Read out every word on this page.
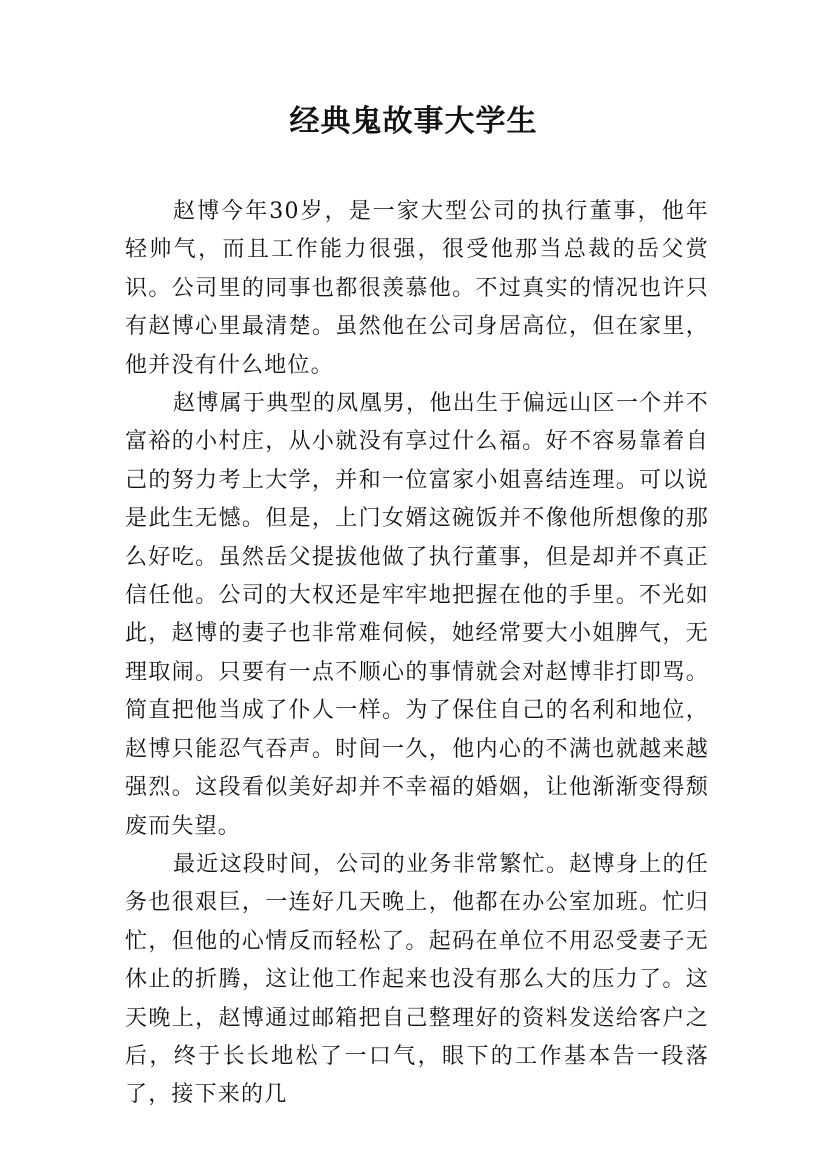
经典鬼故事大学生

赵博今年30岁，是一家大型公司的执行董事，他年轻帅气，而且工作能力很强，很受他那当总裁的岳父赏识。公司里的同事也都很羡慕他。不过真实的情况也许只有赵博心里最清楚。虽然他在公司身居高位，但在家里，他并没有什么地位。

赵博属于典型的凤凰男，他出生于偏远山区一个并不富裕的小村庄，从小就没有享过什么福。好不容易靠着自己的努力考上大学，并和一位富家小姐喜结连理。可以说是此生无憾。但是，上门女婿这碗饭并不像他所想像的那么好吃。虽然岳父提拔他做了执行董事，但是却并不真正信任他。公司的大权还是牢牢地把握在他的手里。不光如此，赵博的妻子也非常难伺候，她经常要大小姐脾气，无理取闹。只要有一点不顺心的事情就会对赵博非打即骂。简直把他当成了仆人一样。为了保住自己的名利和地位，赵博只能忍气吞声。时间一久，他内心的不满也就越来越强烈。这段看似美好却并不幸福的婚姻，让他渐渐变得颓废而失望。

最近这段时间，公司的业务非常繁忙。赵博身上的任务也很艰巨，一连好几天晚上，他都在办公室加班。忙归忙，但他的心情反而轻松了。起码在单位不用忍受妻子无休止的折腾，这让他工作起来也没有那么大的压力了。这天晚上，赵博通过邮箱把自己整理好的资料发送给客户之后，终于长长地松了一口气，眼下的工作基本告一段落了，接下来的几
